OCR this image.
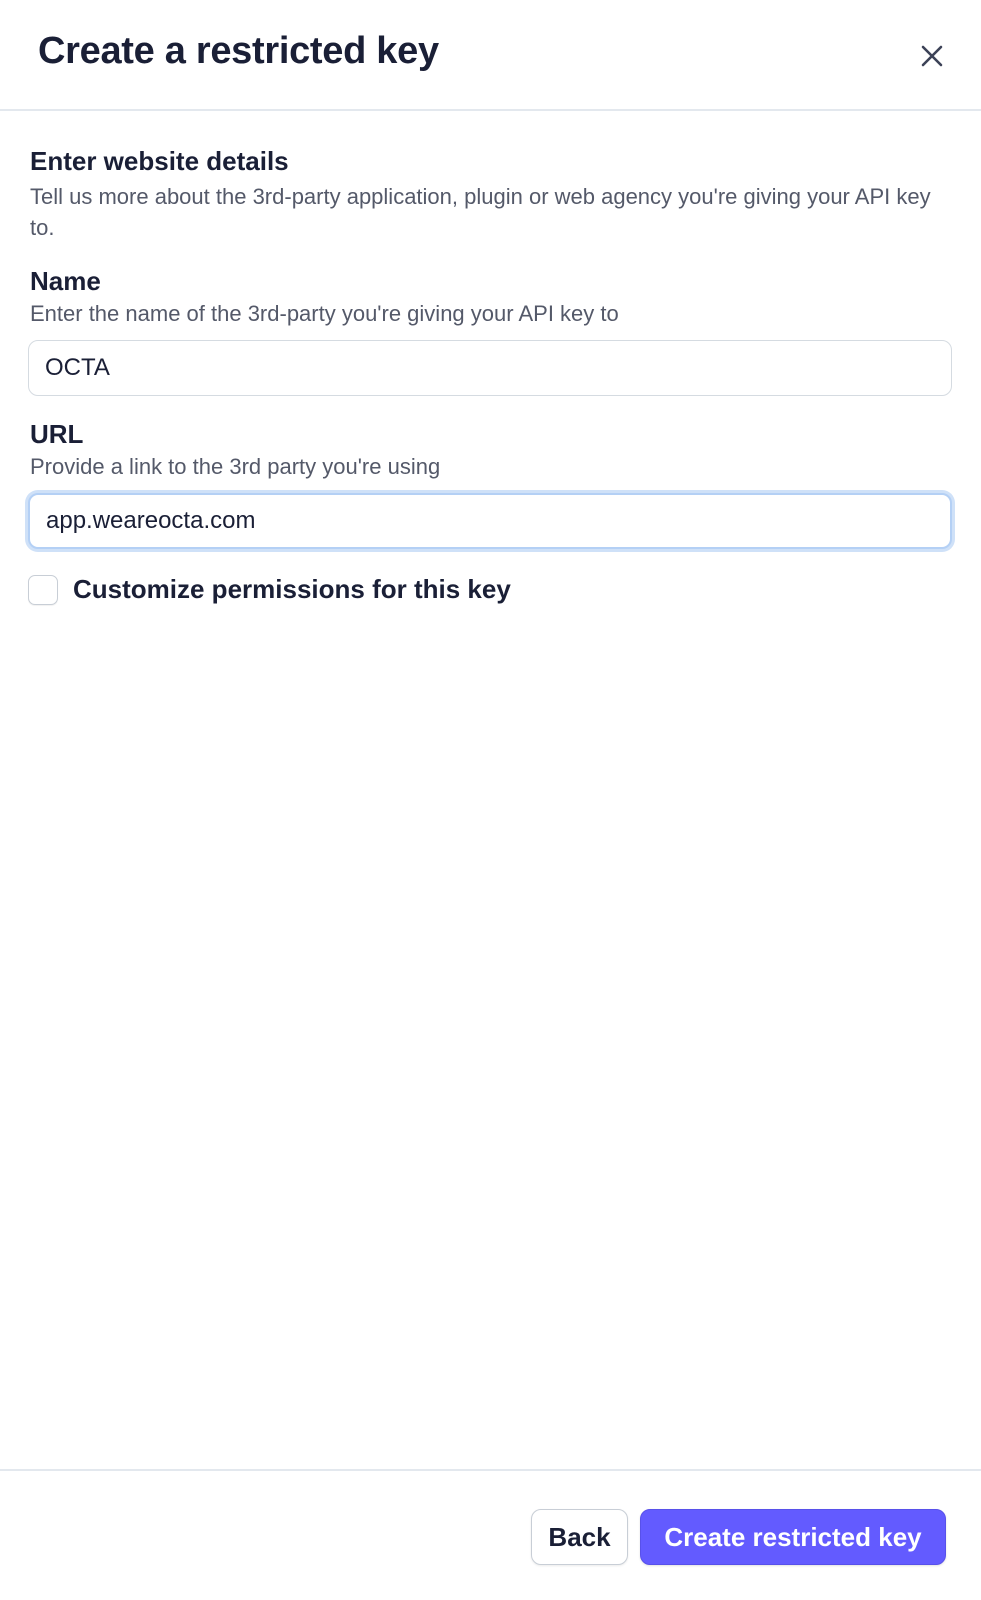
Create a restricted key
Enter website details
Tell us more about the 3rd-party application, plugin or web agency you're giving your API key to.
Name
Enter the name of the 3rd-party you're giving your API key to
OCTA
URL
Provide a link to the 3rd party you're using
app.weareocta.com
Customize permissions for this key
Back	Create restricted key
